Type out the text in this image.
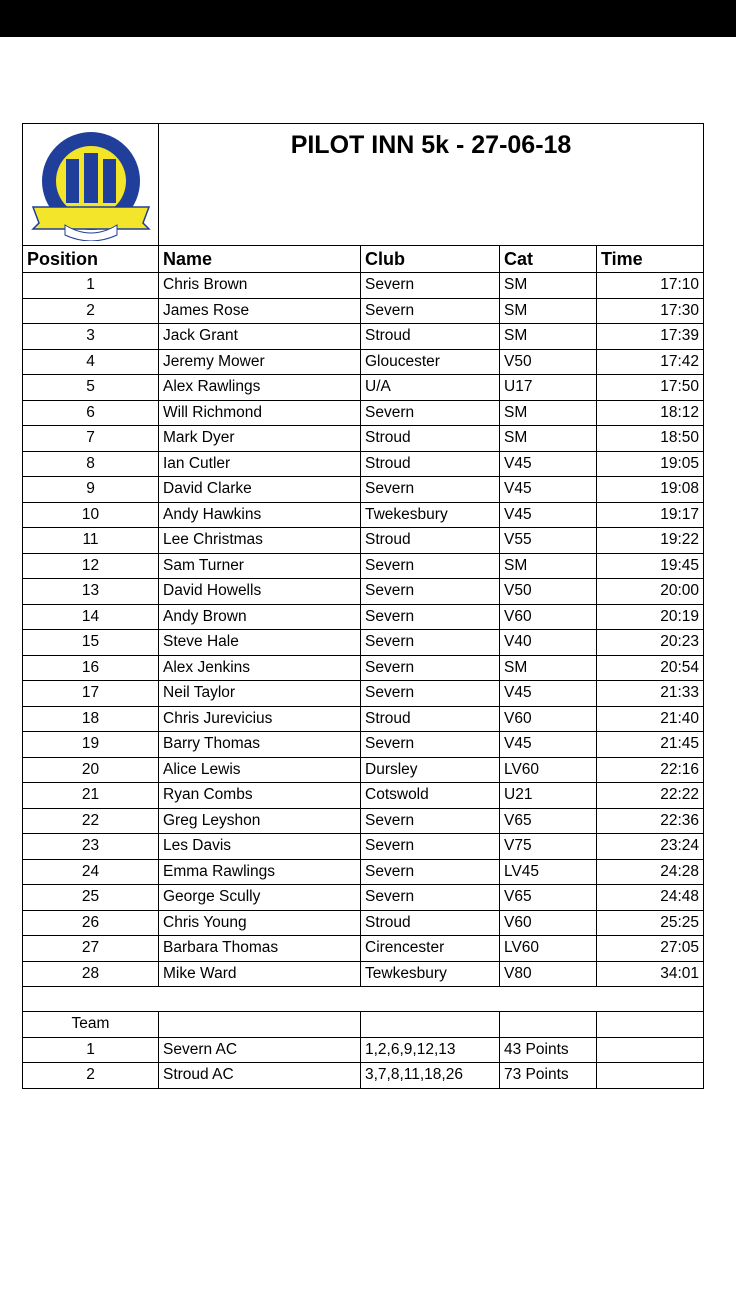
	PILOT INN 5k - 27-06-18			
Position	Name	Club	Cat	Time
1	Chris Brown	Severn	SM	17:10
2	James Rose	Severn	SM	17:30
3	Jack Grant	Stroud	SM	17:39
4	Jeremy Mower	Gloucester	V50	17:42
5	Alex Rawlings	U/A	U17	17:50
6	Will Richmond	Severn	SM	18:12
7	Mark Dyer	Stroud	SM	18:50
8	Ian Cutler	Stroud	V45	19:05
9	David Clarke	Severn	V45	19:08
10	Andy Hawkins	Twekesbury	V45	19:17
11	Lee Christmas	Stroud	V55	19:22
12	Sam Turner	Severn	SM	19:45
13	David Howells	Severn	V50	20:00
14	Andy Brown	Severn	V60	20:19
15	Steve Hale	Severn	V40	20:23
16	Alex Jenkins	Severn	SM	20:54
17	Neil Taylor	Severn	V45	21:33
18	Chris Jurevicius	Stroud	V60	21:40
19	Barry Thomas	Severn	V45	21:45
20	Alice Lewis	Dursley	LV60	22:16
21	Ryan Combs	Cotswold	U21	22:22
22	Greg Leyshon	Severn	V65	22:36
23	Les Davis	Severn	V75	23:24
24	Emma Rawlings	Severn	LV45	24:28
25	George Scully	Severn	V65	24:48
26	Chris Young	Stroud	V60	25:25
27	Barbara Thomas	Cirencester	LV60	27:05
28	Mike Ward	Tewkesbury	V80	34:01

Team				
1	Severn AC	1,2,6,9,12,13	43 Points	
2	Stroud AC	3,7,8,11,18,26	73 Points	
